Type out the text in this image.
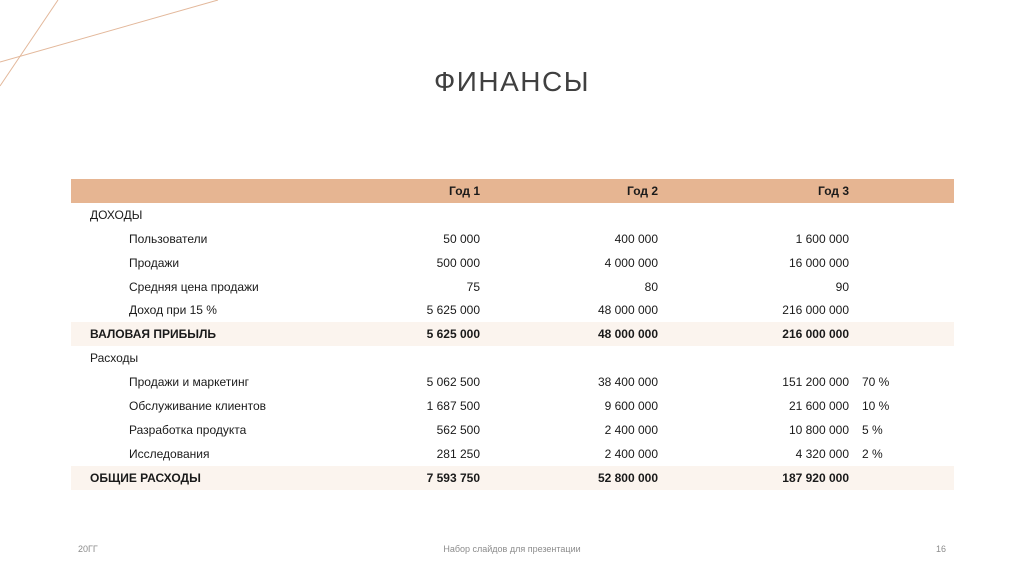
ФИНАНСЫ
	Год 1	Год 2	Год 3	
ДОХОДЫ				
Пользователи	50 000	400 000	1 600 000	
Продажи	500 000	4 000 000	16 000 000	
Средняя цена продажи	75	80	90	
Доход при 15 %	5 625 000	48 000 000	216 000 000	
ВАЛОВАЯ ПРИБЫЛЬ	5 625 000	48 000 000	216 000 000	
Расходы				
Продажи и маркетинг	5 062 500	38 400 000	151 200 000	70 %
Обслуживание клиентов	1 687 500	9 600 000	21 600 000	10 %
Разработка продукта	562 500	2 400 000	10 800 000	5 %
Исследования	281 250	2 400 000	4 320 000	2 %
ОБЩИЕ РАСХОДЫ	7 593 750	52 800 000	187 920 000	
20ГГ	Набор слайдов для презентации	16
